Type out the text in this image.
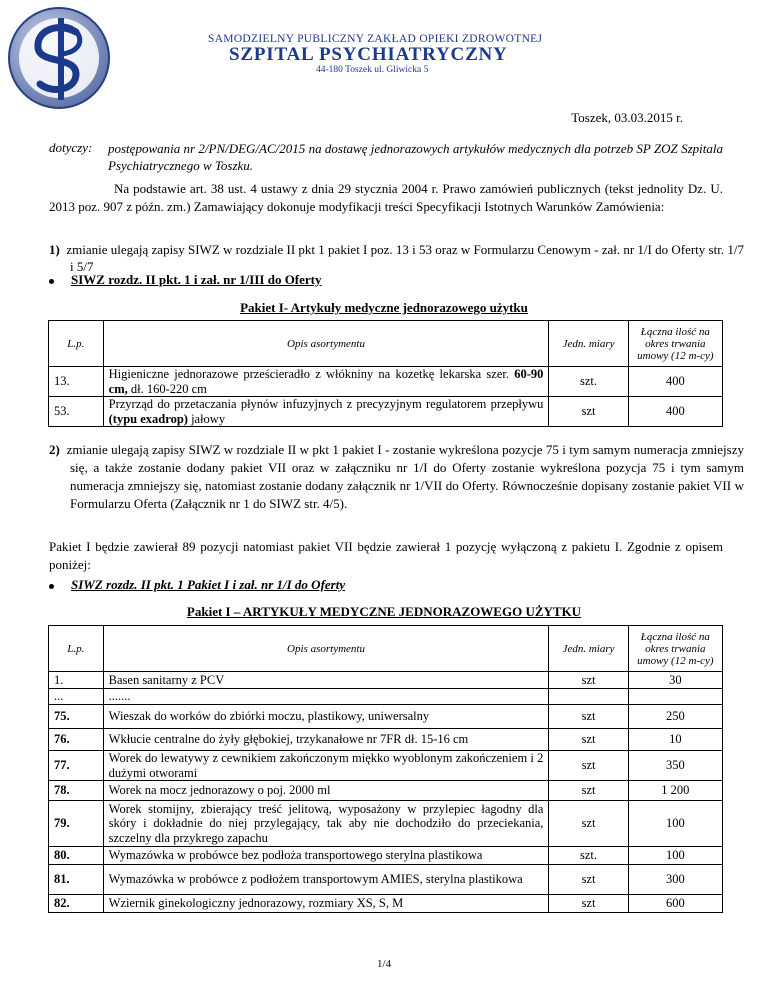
SAMODZIELNY PUBLICZNY ZAKŁAD OPIEKI ZDROWOTNEJ
SZPITAL PSYCHIATRYCZNY
44-180 Toszek ul. Gliwicka 5
Toszek, 03.03.2015 r.
dotyczy: postępowania nr 2/PN/DEG/AC/2015 na dostawę jednorazowych artykułów medycznych dla potrzeb SP ZOZ Szpitala Psychiatrycznego w Toszku.
Na podstawie art. 38 ust. 4 ustawy z dnia 29 stycznia 2004 r. Prawo zamówień publicznych (tekst jednolity Dz. U. 2013 poz. 907 z późn. zm.) Zamawiający dokonuje modyfikacji treści Specyfikacji Istotnych Warunków Zamówienia:
1) zmianie ulegają zapisy SIWZ w rozdziale II pkt 1 pakiet I poz. 13 i 53 oraz w Formularzu Cenowym - zał. nr 1/I do Oferty str. 1/7 i 5/7
SIWZ rozdz. II pkt. 1 i zał. nr 1/III do Oferty
Pakiet I- Artykuły medyczne jednorazowego użytku
L.p.	Opis asortymentu	Jedn. miary	Łączna ilość na okres trwania umowy (12 m-cy)
13.	Higieniczne jednorazowe prześcieradło z włókniny na kozetkę lekarska szer. 60-90 cm, dł. 160-220 cm	szt.	400
53.	Przyrząd do przetaczania płynów infuzyjnych z precyzyjnym regulatorem przepływu (typu exadrop) jałowy	szt	400
2) zmianie ulegają zapisy SIWZ w rozdziale II w pkt 1 pakiet I - zostanie wykreślona pozycje 75 i tym samym numeracja zmniejszy się, a także zostanie dodany pakiet VII oraz w załączniku nr 1/I do Oferty zostanie wykreślona pozycja 75 i tym samym numeracja zmniejszy się, natomiast zostanie dodany załącznik nr 1/VII do Oferty. Równocześnie dopisany zostanie pakiet VII w Formularzu Oferta (Załącznik nr 1 do SIWZ str. 4/5).
Pakiet I będzie zawierał 89 pozycji natomiast pakiet VII będzie zawierał 1 pozycję wyłączoną z pakietu I. Zgodnie z opisem poniżej:
SIWZ rozdz. II pkt. 1 Pakiet I i zał. nr 1/I do Oferty
Pakiet I – ARTYKUŁY MEDYCZNE JEDNORAZOWEGO UŻYTKU
L.p.	Opis asortymentu	Jedn. miary	Łączna ilość na okres trwania umowy (12 m-cy)
1.	Basen sanitarny z PCV	szt	30
...	.......		
75.	Wieszak do worków do zbiórki moczu, plastikowy, uniwersalny	szt	250
76.	Wkłucie centralne do żyły głębokiej, trzykanałowe nr 7FR dł. 15-16 cm	szt	10
77.	Worek do lewatywy z cewnikiem zakończonym miękko wyoblonym zakończeniem i 2 dużymi otworami	szt	350
78.	Worek na mocz jednorazowy o poj. 2000 ml	szt	1 200
79.	Worek stomijny, zbierający treść jelitową, wyposażony w przylepiec łagodny dla skóry i dokładnie do niej przylegający, tak aby nie dochodziło do przeciekania, szczelny dla przykrego zapachu	szt	100
80.	Wymazówka w probówce bez podłoża transportowego sterylna plastikowa	szt.	100
81.	Wymazówka w probówce z podłożem transportowym AMIES, sterylna plastikowa	szt	300
82.	Wziernik ginekologiczny jednorazowy, rozmiary XS, S, M	szt	600
1/4
